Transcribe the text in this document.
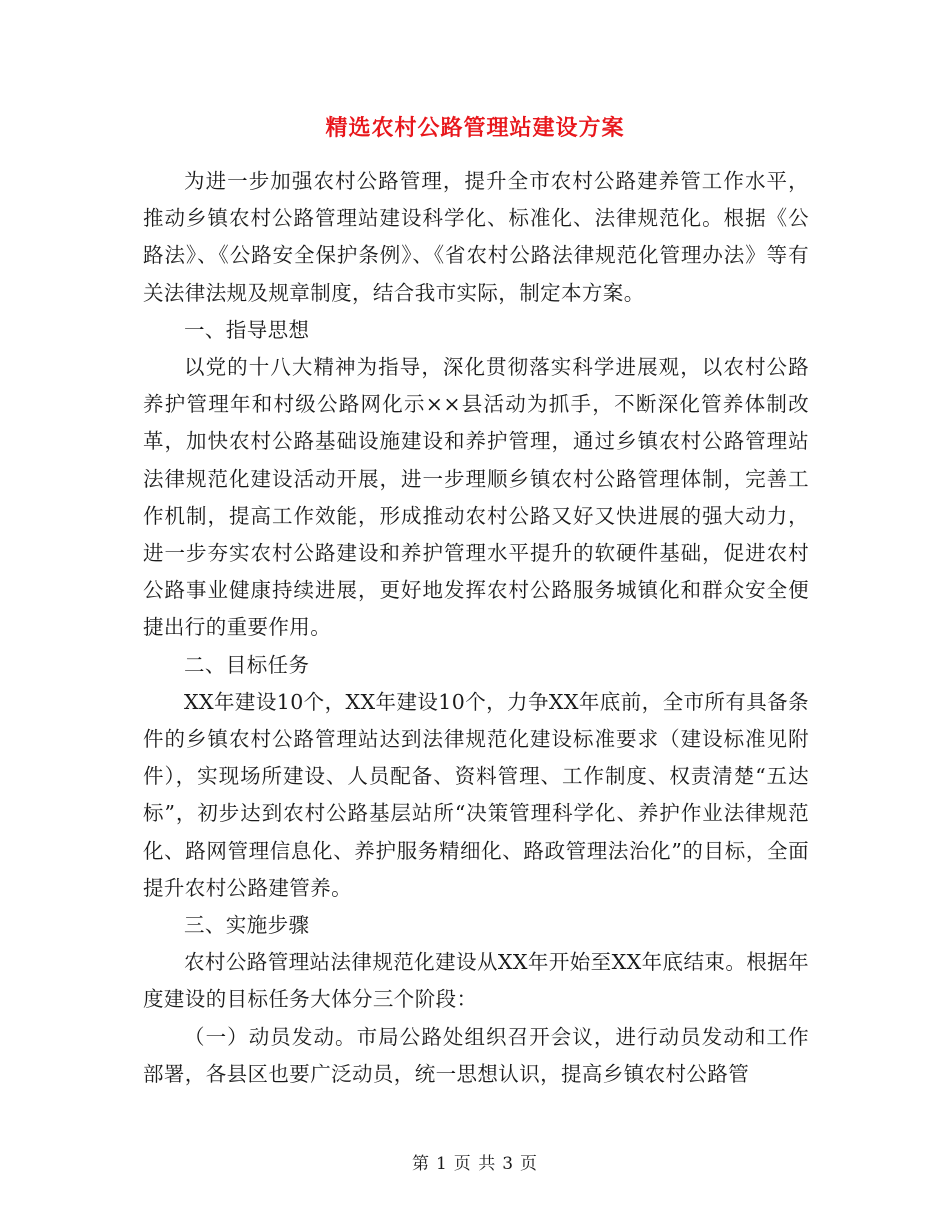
精选农村公路管理站建设方案

为进一步加强农村公路管理，提升全市农村公路建养管工作水平，推动乡镇农村公路管理站建设科学化、标准化、法律规范化。根据《公路法》、《公路安全保护条例》、《省农村公路法律规范化管理办法》等有关法律法规及规章制度，结合我市实际，制定本方案。

一、指导思想

以党的十八大精神为指导，深化贯彻落实科学进展观，以农村公路养护管理年和村级公路网化示××县活动为抓手，不断深化管养体制改革，加快农村公路基础设施建设和养护管理，通过乡镇农村公路管理站法律规范化建设活动开展，进一步理顺乡镇农村公路管理体制，完善工作机制，提高工作效能，形成推动农村公路又好又快进展的强大动力，进一步夯实农村公路建设和养护管理水平提升的软硬件基础，促进农村公路事业健康持续进展，更好地发挥农村公路服务城镇化和群众安全便捷出行的重要作用。

二、目标任务

XX年建设10个，XX年建设10个，力争XX年底前，全市所有具备条件的乡镇农村公路管理站达到法律规范化建设标准要求（建设标准见附件），实现场所建设、人员配备、资料管理、工作制度、权责清楚“五达标”，初步达到农村公路基层站所“决策管理科学化、养护作业法律规范化、路网管理信息化、养护服务精细化、路政管理法治化”的目标，全面提升农村公路建管养。

三、实施步骤

农村公路管理站法律规范化建设从XX年开始至XX年底结束。根据年度建设的目标任务大体分三个阶段：

（一）动员发动。市局公路处组织召开会议，进行动员发动和工作部署，各县区也要广泛动员，统一思想认识，提高乡镇农村公路管

第 1 页 共 3 页
